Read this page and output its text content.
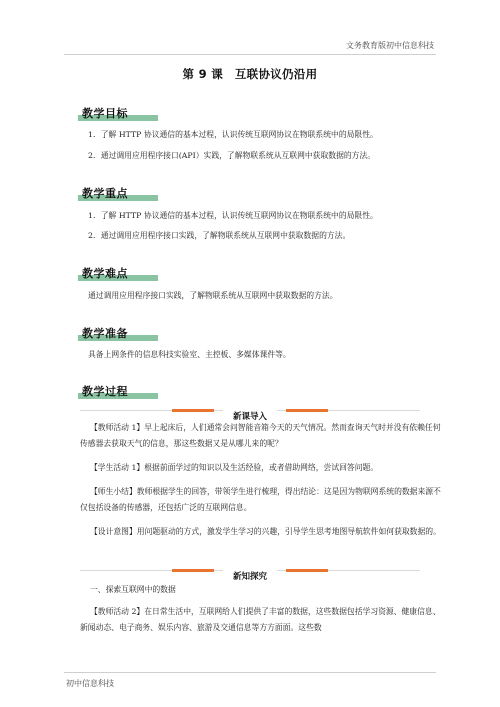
文务教育版初中信息科技
第 9 课　互联协议仍沿用
教学目标
1．了解 HTTP 协议通信的基本过程，认识传统互联网协议在物联系统中的局限性。
2．通过调用应用程序接口(API）实践，了解物联系统从互联网中获取数据的方法。
教学重点
1．了解 HTTP 协议通信的基本过程，认识传统互联网协议在物联系统中的局限性。
2．通过调用应用程序接口实践，了解物联系统从互联网中获取数据的方法。
教学难点
通过调用应用程序接口实践，了解物联系统从互联网中获取数据的方法。
教学准备
具备上网条件的信息科技实验室、主控板、多媒体课件等。
教学过程
新课导入
【教师活动 1】早上起床后，人们通常会问智能音箱今天的天气情况。然而查询天气时并没有依赖任何传感器去获取天气的信息，那这些数据又是从哪儿来的呢？
【学生活动 1】根据前面学过的知识以及生活经验，或者借助网络，尝试回答问题。
【师生小结】教师根据学生的回答，带领学生进行梳理，得出结论：这是因为物联网系统的数据来源不仅包括设备的传感器，还包括广泛的互联网信息。
【设计意图】用问题驱动的方式，激发学生学习的兴趣，引导学生思考地图导航软件如何获取数据的。
新知探究
一、探索互联网中的数据
【教师活动 2】在日常生活中，互联网给人们提供了丰富的数据，这些数据包括学习资源、健康信息、新闻动态、电子商务、娱乐内容、旅游及交通信息等方方面面。这些数
初中信息科技
